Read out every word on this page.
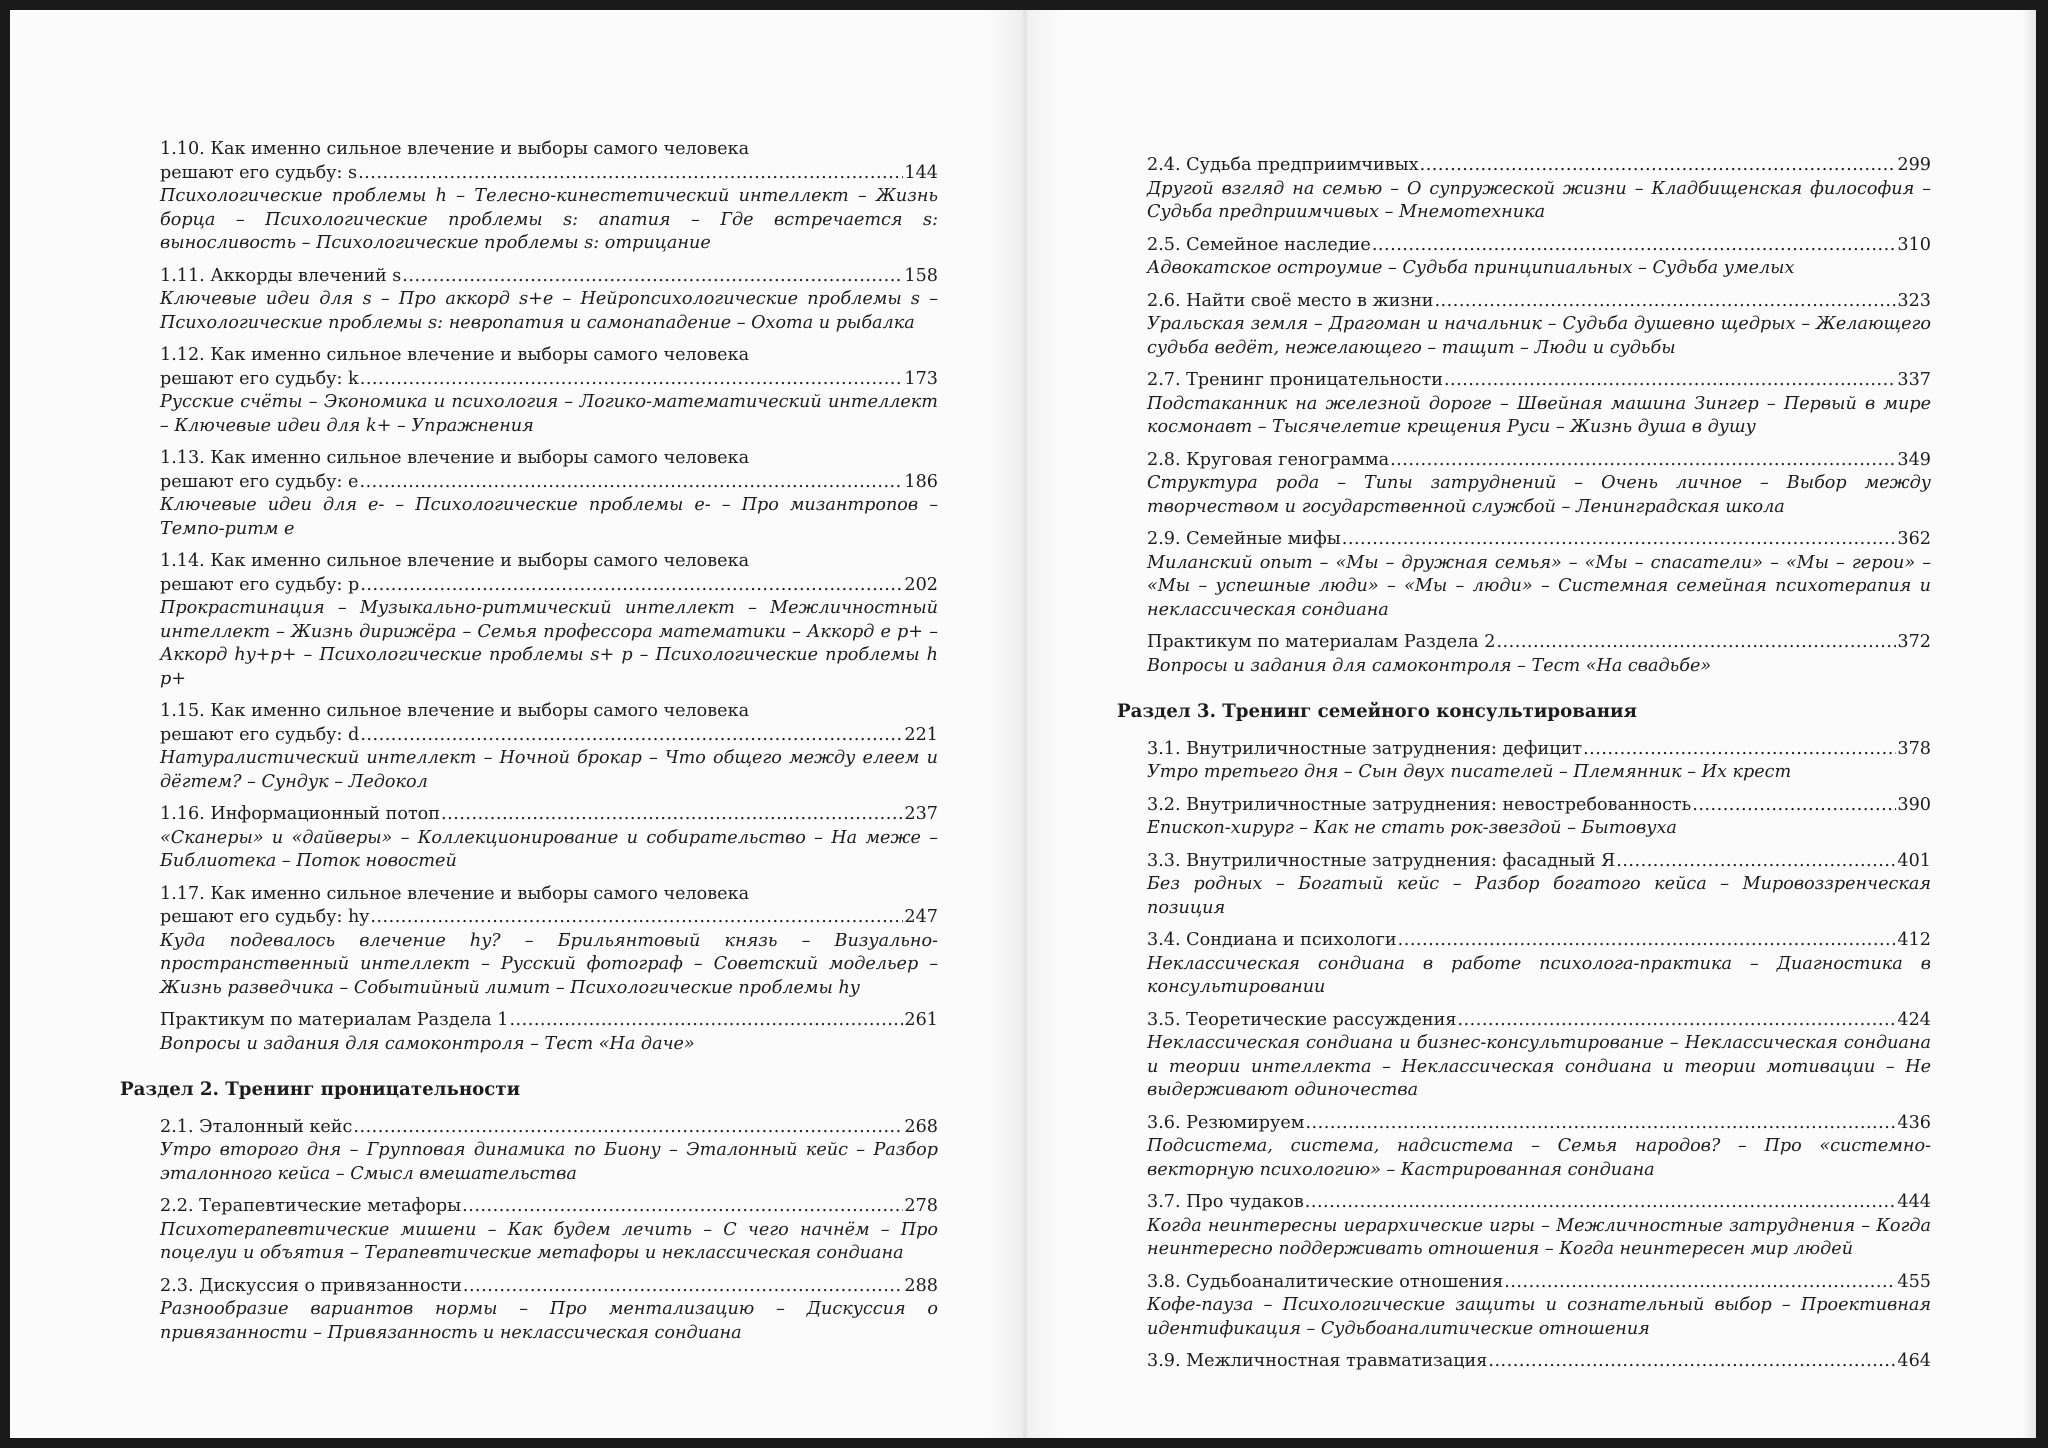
1.10. Как именно сильное влечение и выборы самого человека
решают его судьбу: s .....	144
Психологические проблемы h – Телесно-кинестетический интеллект – Жизнь борца – Психологические проблемы s: апатия – Где встречается s: выносливость – Психологические проблемы s: отрицание
1.11. Аккорды влечений s .....	158
Ключевые идеи для s – Про аккорд s+e – Нейропсихологические проблемы s – Психологические проблемы s: невропатия и самонападение – Охота и рыбалка
1.12. Как именно сильное влечение и выборы самого человека
решают его судьбу: k .....	173
Русские счёты – Экономика и психология – Логико-математический интеллект – Ключевые идеи для k+ – Упражнения
1.13. Как именно сильное влечение и выборы самого человека
решают его судьбу: e .....	186
Ключевые идеи для e- – Психологические проблемы e- – Про мизантропов – Темпо-ритм e
1.14. Как именно сильное влечение и выборы самого человека
решают его судьбу: p .....	202
Прокрастинация – Музыкально-ритмический интеллект – Межличностный интеллект – Жизнь дирижёра – Семья профессора математики – Аккорд e p+ – Аккорд hy+p+ – Психологические проблемы s+ p – Психологические проблемы h p+
1.15. Как именно сильное влечение и выборы самого человека
решают его судьбу: d .....	221
Натуралистический интеллект – Ночной брокар – Что общего между елеем и дёгтем? – Сундук – Ледокол
1.16. Информационный потоп .....	237
«Сканеры» и «дайверы» – Коллекционирование и собирательство – На меже – Библиотека – Поток новостей
1.17. Как именно сильное влечение и выборы самого человека
решают его судьбу: hy .....	247
Куда подевалось влечение hy? – Брильянтовый князь – Визуально-пространственный интеллект – Русский фотограф – Советский модельер – Жизнь разведчика – Событийный лимит – Психологические проблемы hy
Практикум по материалам Раздела 1 .....	261
Вопросы и задания для самоконтроля – Тест «На даче»
Раздел 2. Тренинг проницательности
2.1. Эталонный кейс .....	268
Утро второго дня – Групповая динамика по Биону – Эталонный кейс – Разбор эталонного кейса – Смысл вмешательства
2.2. Терапевтические метафоры .....	278
Психотерапевтические мишени – Как будем лечить – С чего начнём – Про поцелуи и объятия – Терапевтические метафоры и неклассическая сондиана
2.3. Дискуссия о привязанности .....	288
Разнообразие вариантов нормы – Про ментализацию – Дискуссия о привязанности – Привязанность и неклассическая сондиана
2.4. Судьба предприимчивых .....	299
Другой взгляд на семью – О супружеской жизни – Кладбищенская философия – Судьба предприимчивых – Мнемотехника
2.5. Семейное наследие .....	310
Адвокатское остроумие – Судьба принципиальных – Судьба умелых
2.6. Найти своё место в жизни .....	323
Уральская земля – Драгоман и начальник – Судьба душевно щедрых – Желающего судьба ведёт, нежелающего – тащит – Люди и судьбы
2.7. Тренинг проницательности .....	337
Подстаканник на железной дороге – Швейная машина Зингер – Первый в мире космонавт – Тысячелетие крещения Руси – Жизнь душа в душу
2.8. Круговая генограмма .....	349
Структура рода – Типы затруднений – Очень личное – Выбор между творчеством и государственной службой – Ленинградская школа
2.9. Семейные мифы .....	362
Миланский опыт – «Мы – дружная семья» – «Мы – спасатели» – «Мы – герои» – «Мы – успешные люди» – «Мы – люди» – Системная семейная психотерапия и неклассическая сондиана
Практикум по материалам Раздела 2 .....	372
Вопросы и задания для самоконтроля – Тест «На свадьбе»
Раздел 3. Тренинг семейного консультирования
3.1. Внутриличностные затруднения: дефицит .....	378
Утро третьего дня – Сын двух писателей – Племянник – Их крест
3.2. Внутриличностные затруднения: невостребованность .....	390
Епископ-хирург – Как не стать рок-звездой – Бытовуха
3.3. Внутриличностные затруднения: фасадный Я .....	401
Без родных – Богатый кейс – Разбор богатого кейса – Мировоззренческая позиция
3.4. Сондиана и психологи .....	412
Неклассическая сондиана в работе психолога-практика – Диагностика в консультировании
3.5. Теоретические рассуждения .....	424
Неклассическая сондиана и бизнес-консультирование – Неклассическая сондиана и теории интеллекта – Неклассическая сондиана и теории мотивации – Не выдерживают одиночества
3.6. Резюмируем .....	436
Подсистема, система, надсистема – Семья народов? – Про «системно-векторную психологию» – Кастрированная сондиана
3.7. Про чудаков .....	444
Когда неинтересны иерархические игры – Межличностные затруднения – Когда неинтересно поддерживать отношения – Когда неинтересен мир людей
3.8. Судьбоаналитические отношения .....	455
Кофе-пауза – Психологические защиты и сознательный выбор – Проективная идентификация – Судьбоаналитические отношения
3.9. Межличностная травматизация .....	464
